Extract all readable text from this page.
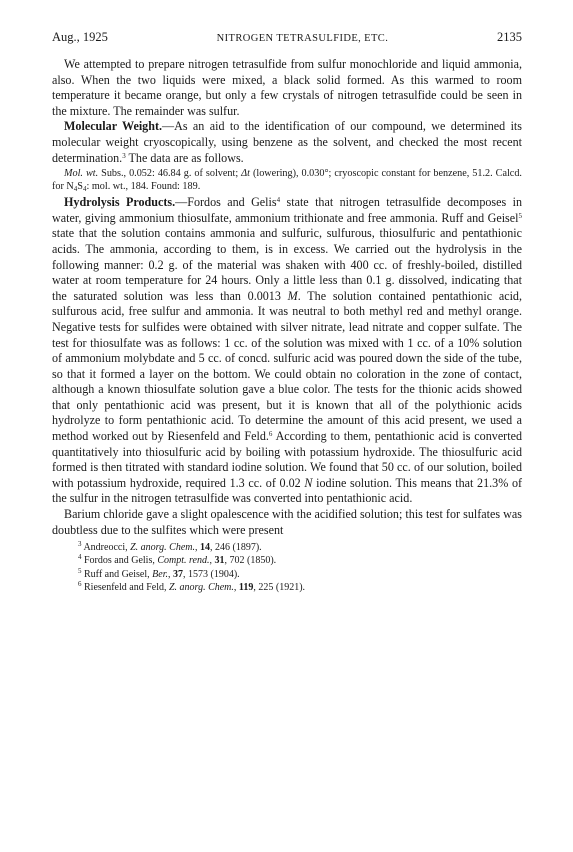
Aug., 1925	NITROGEN TETRASULFIDE, ETC.	2135

We attempted to prepare nitrogen tetrasulfide from sulfur monochloride and liquid ammonia, also. When the two liquids were mixed, a black solid formed. As this warmed to room temperature it became orange, but only a few crystals of nitrogen tetrasulfide could be seen in the mixture. The remainder was sulfur.

Molecular Weight.—As an aid to the identification of our compound, we determined its molecular weight cryoscopically, using benzene as the solvent, and checked the most recent determination.$^3$ The data are as follows.

Mol. wt. Subs., 0.052: 46.84 g. of solvent; Δt (lowering), 0.030°; cryoscopic constant for benzene, 51.2. Calcd. for $N_4S_4$: mol. wt., 184. Found: 189.

Hydrolysis Products.—Fordos and Gelis$^4$ state that nitrogen tetrasulfide decomposes in water, giving ammonium thiosulfate, ammonium trithionate and free ammonia. Ruff and Geisel$^5$ state that the solution contains ammonia and sulfuric, sulfurous, thiosulfuric and pentathionic acids. The ammonia, according to them, is in excess. We carried out the hydrolysis in the following manner: 0.2 g. of the material was shaken with 400 cc. of freshly-boiled, distilled water at room temperature for 24 hours. Only a little less than 0.1 g. dissolved, indicating that the saturated solution was less than 0.0013 M. The solution contained pentathionic acid, sulfurous acid, free sulfur and ammonia. It was neutral to both methyl red and methyl orange. Negative tests for sulfides were obtained with silver nitrate, lead nitrate and copper sulfate. The test for thiosulfate was as follows: 1 cc. of the solution was mixed with 1 cc. of a 10% solution of ammonium molybdate and 5 cc. of concd. sulfuric acid was poured down the side of the tube, so that it formed a layer on the bottom. We could obtain no coloration in the zone of contact, although a known thiosulfate solution gave a blue color. The tests for the thionic acids showed that only pentathionic acid was present, but it is known that all of the polythionic acids hydrolyze to form pentathionic acid. To determine the amount of this acid present, we used a method worked out by Riesenfeld and Feld.$^6$ According to them, pentathionic acid is converted quantitatively into thiosulfuric acid by boiling with potassium hydroxide. The thiosulfuric acid formed is then titrated with standard iodine solution. We found that 50 cc. of our solution, boiled with potassium hydroxide, required 1.3 cc. of 0.02 N iodine solution. This means that 21.3% of the sulfur in the nitrogen tetrasulfide was converted into pentathionic acid.

Barium chloride gave a slight opalescence with the acidified solution; this test for sulfates was doubtless due to the sulfites which were present

$^3$ Andreocci, Z. anorg. Chem., 14, 246 (1897).

$^4$ Fordos and Gelis, Compt. rend., 31, 702 (1850).

$^5$ Ruff and Geisel, Ber., 37, 1573 (1904).

$^6$ Riesenfeld and Feld, Z. anorg. Chem., 119, 225 (1921).
